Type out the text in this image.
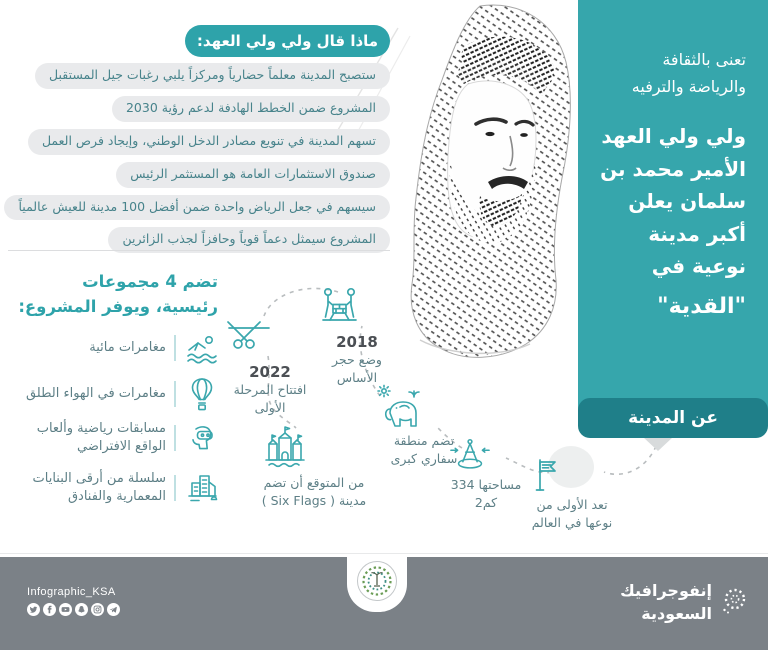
ماذا قال ولي ولي العهد:
ستصبح المدينة معلماً حضارياً ومركزاً يلبي رغبات جيل المستقبل
المشروع ضمن الخطط الهادفة لدعم رؤية 2030
تسهم المدينة في تنويع مصادر الدخل الوطني، وإيجاد فرص العمل
صندوق الاستثمارات العامة هو المستثمر الرئيس
سيسهم في جعل الرياض واحدة ضمن أفضل 100 مدينة للعيش عالمياً
المشروع سيمثل دعماً قوياً وحافزاً لجذب الزائرين
تضم 4 مجموعات رئيسية، ويوفر المشروع:
مغامرات مائية
مغامرات في الهواء الطلق
مسابقات رياضية وألعاب الواقع الافتراضي
سلسلة من أرقى البنايات المعمارية والفنادق
2018
وضع حجر الأساس
2022
افتتاح المرحلة الأولى
تضم منطقة سفاري كبرى
من المتوقع أن تضم مدينة ( Six Flags )
مساحتها 334 كم2	تعد الأولى من نوعها في العالم
تعنى بالثقافة والرياضة والترفيه
ولي ولي العهد الأمير محمد بن سلمان يعلن أكبر مدينة نوعية في
"القدية"
عن المدينة
Infographic_KSA	إنفوجرافيك
السعودية
